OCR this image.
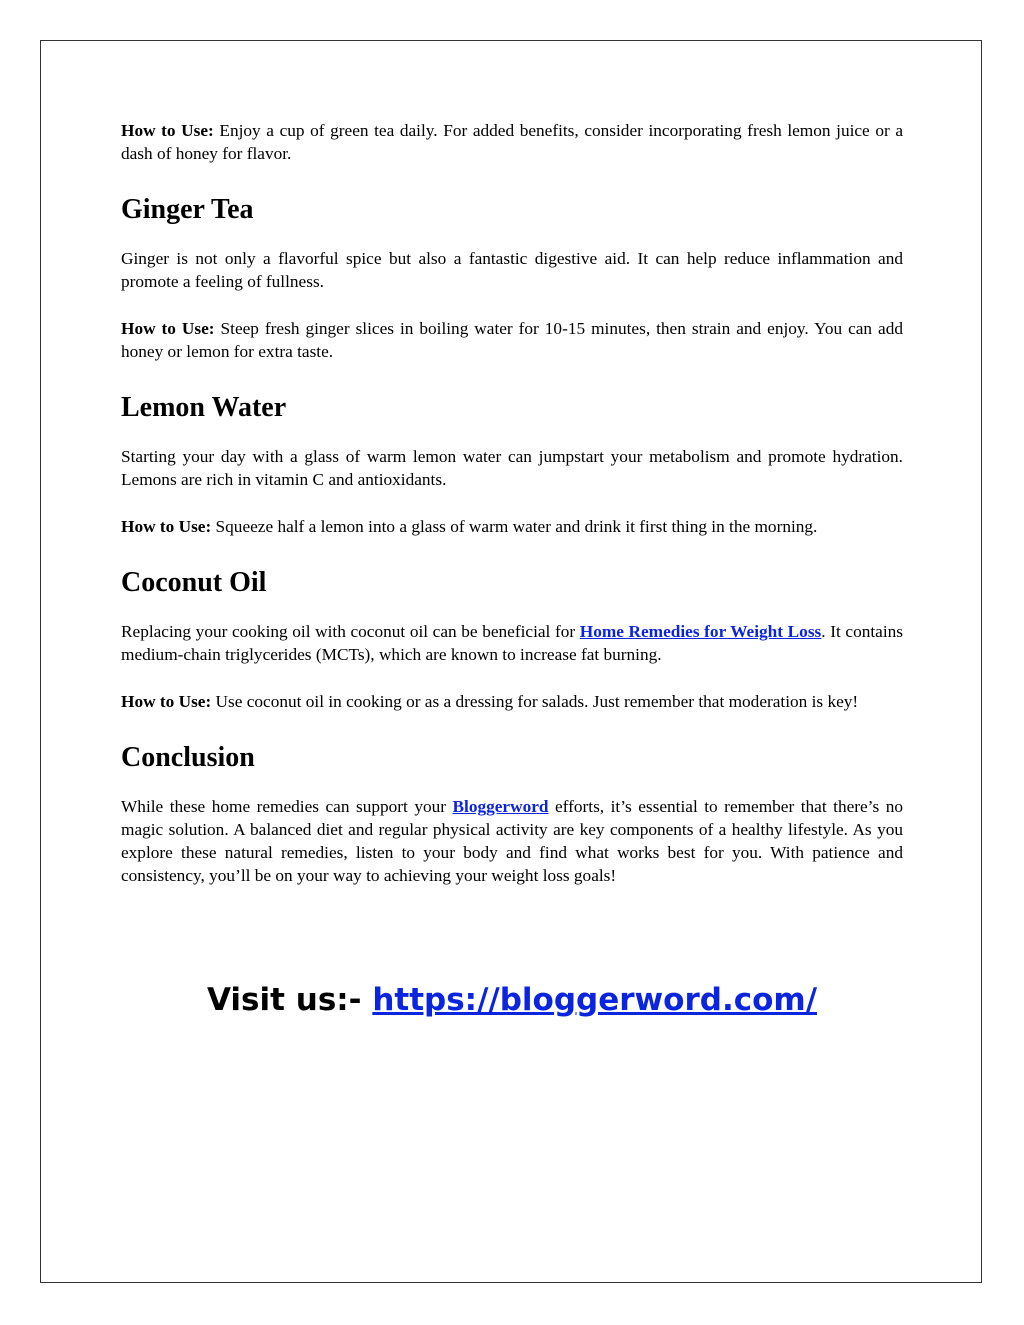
How to Use: Enjoy a cup of green tea daily. For added benefits, consider incorporating fresh lemon juice or a dash of honey for flavor.

Ginger Tea

Ginger is not only a flavorful spice but also a fantastic digestive aid. It can help reduce inflammation and promote a feeling of fullness.

How to Use: Steep fresh ginger slices in boiling water for 10-15 minutes, then strain and enjoy. You can add honey or lemon for extra taste.

Lemon Water

Starting your day with a glass of warm lemon water can jumpstart your metabolism and promote hydration. Lemons are rich in vitamin C and antioxidants.

How to Use: Squeeze half a lemon into a glass of warm water and drink it first thing in the morning.

Coconut Oil

Replacing your cooking oil with coconut oil can be beneficial for Home Remedies for Weight Loss. It contains medium-chain triglycerides (MCTs), which are known to increase fat burning.

How to Use: Use coconut oil in cooking or as a dressing for salads. Just remember that moderation is key!

Conclusion

While these home remedies can support your Bloggerword efforts, it’s essential to remember that there’s no magic solution. A balanced diet and regular physical activity are key components of a healthy lifestyle. As you explore these natural remedies, listen to your body and find what works best for you. With patience and consistency, you’ll be on your way to achieving your weight loss goals!

Visit us:- https://bloggerword.com/
